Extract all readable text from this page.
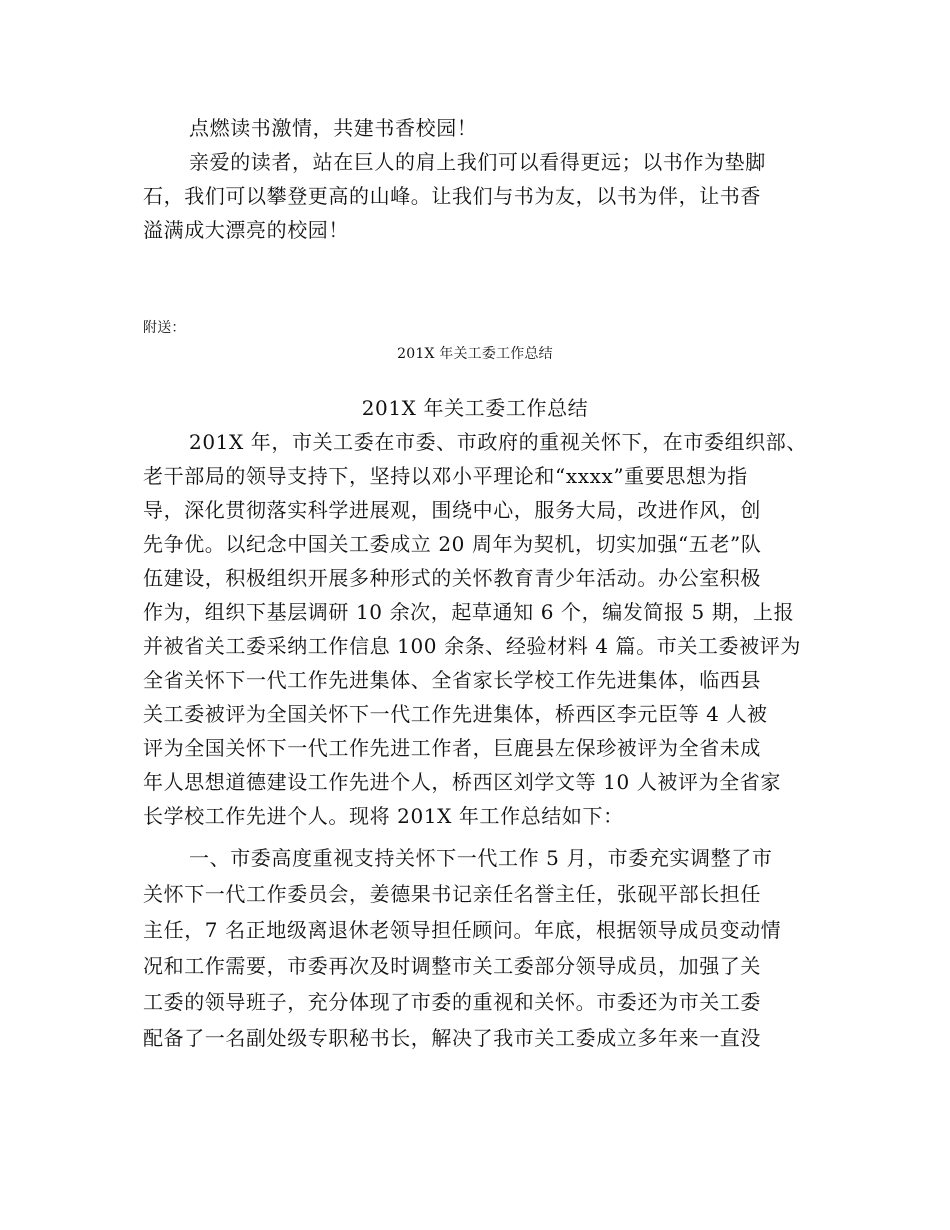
点燃读书激情，共建书香校园！
亲爱的读者，站在巨人的肩上我们可以看得更远；以书作为垫脚
石，我们可以攀登更高的山峰。让我们与书为友，以书为伴，让书香
溢满成大漂亮的校园！
附送：
201X 年关工委工作总结
201X 年关工委工作总结
201X 年，市关工委在市委、市政府的重视关怀下，在市委组织部、
老干部局的领导支持下，坚持以邓小平理论和“xxxx”重要思想为指
导，深化贯彻落实科学进展观，围绕中心，服务大局，改进作风，创
先争优。以纪念中国关工委成立 20 周年为契机，切实加强“五老”队
伍建设，积极组织开展多种形式的关怀教育青少年活动。办公室积极
作为，组织下基层调研 10 余次，起草通知 6 个，编发简报 5 期，上报
并被省关工委采纳工作信息 100 余条、经验材料 4 篇。市关工委被评为
全省关怀下一代工作先进集体、全省家长学校工作先进集体，临西县
关工委被评为全国关怀下一代工作先进集体，桥西区李元臣等 4 人被
评为全国关怀下一代工作先进工作者，巨鹿县左保珍被评为全省未成
年人思想道德建设工作先进个人，桥西区刘学文等 10 人被评为全省家
长学校工作先进个人。现将 201X 年工作总结如下：
一、市委高度重视支持关怀下一代工作 5 月，市委充实调整了市
关怀下一代工作委员会，姜德果书记亲任名誉主任，张砚平部长担任
主任，7 名正地级离退休老领导担任顾问。年底，根据领导成员变动情
况和工作需要，市委再次及时调整市关工委部分领导成员，加强了关
工委的领导班子，充分体现了市委的重视和关怀。市委还为市关工委
配备了一名副处级专职秘书长，解决了我市关工委成立多年来一直没
